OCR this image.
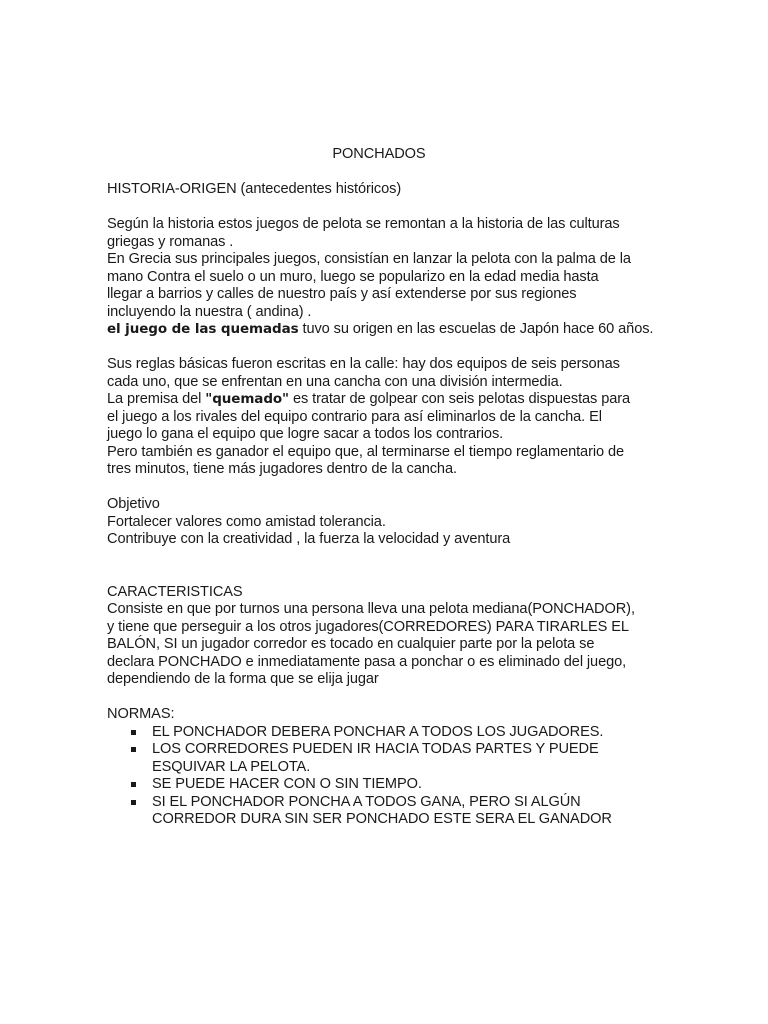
PONCHADOS

HISTORIA-ORIGEN (antecedentes históricos)

Según la historia estos juegos de pelota se remontan a la historia de las culturas

griegas y romanas .

En Grecia sus principales juegos, consistían en lanzar la pelota con la palma de la

mano Contra el suelo o un muro, luego se popularizo en la edad media hasta

llegar a barrios y calles de nuestro país y así extenderse por sus regiones

incluyendo la nuestra ( andina) .

el juego de las quemadas tuvo su origen en las escuelas de Japón hace 60 años.

Sus reglas básicas fueron escritas en la calle: hay dos equipos de seis personas

cada uno, que se enfrentan en una cancha con una división intermedia.

La premisa del "quemado" es tratar de golpear con seis pelotas dispuestas para

el juego a los rivales del equipo contrario para así eliminarlos de la cancha. El

juego lo gana el equipo que logre sacar a todos los contrarios.

Pero también es ganador el equipo que, al terminarse el tiempo reglamentario de

tres minutos, tiene más jugadores dentro de la cancha.

Objetivo

Fortalecer valores como amistad tolerancia.

Contribuye con la creatividad , la fuerza la velocidad y aventura

CARACTERISTICAS

Consiste en que por turnos una persona lleva una pelota mediana(PONCHADOR),

y tiene que perseguir a los otros jugadores(CORREDORES) PARA TIRARLES EL

BALÓN, SI un jugador corredor es tocado en cualquier parte por la pelota se

declara PONCHADO e inmediatamente pasa a ponchar o es eliminado del juego,

dependiendo de la forma que se elija jugar

NORMAS:

EL PONCHADOR DEBERA PONCHAR A TODOS LOS JUGADORES.

LOS CORREDORES PUEDEN IR HACIA TODAS PARTES Y PUEDE

ESQUIVAR LA PELOTA.

SE PUEDE HACER CON O SIN TIEMPO.

SI EL PONCHADOR PONCHA A TODOS GANA, PERO SI ALGÚN

CORREDOR DURA SIN SER PONCHADO ESTE SERA EL GANADOR
